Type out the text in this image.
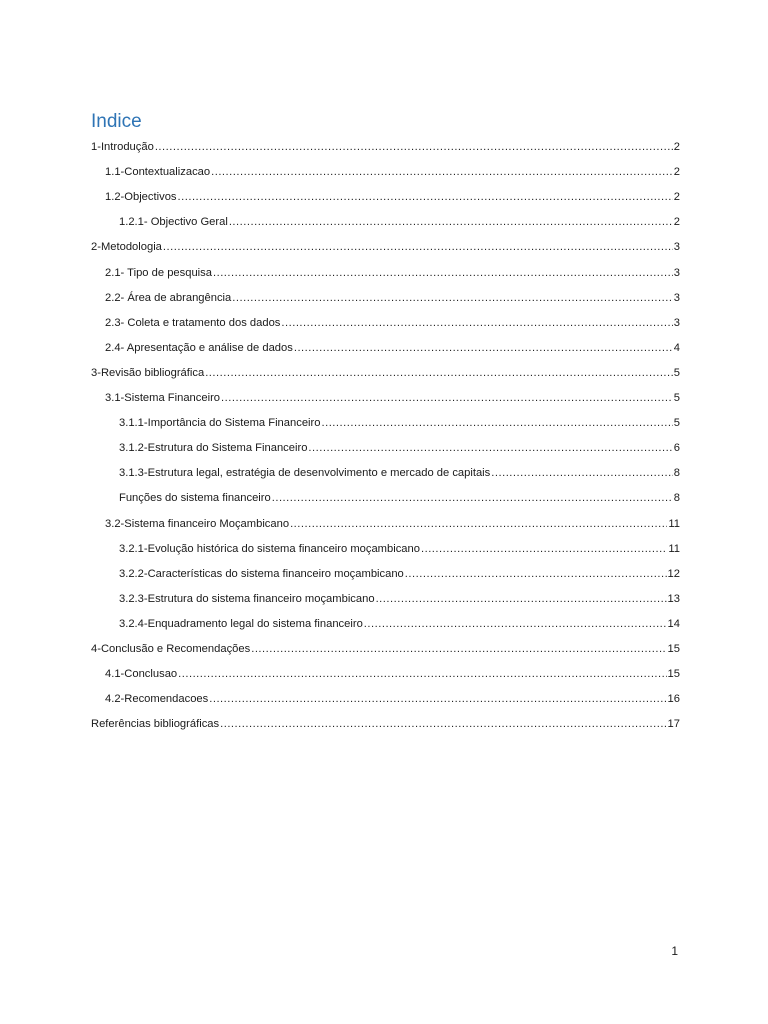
Indice
1-Introdução .....	2
1.1-Contextualizacao .....	2
1.2-Objectivos .....	2
1.2.1- Objectivo Geral .....	2
2-Metodologia .....	3
2.1- Tipo de pesquisa .....	3
2.2- Área de abrangência .....	3
2.3- Coleta e tratamento dos dados .....	3
2.4- Apresentação e análise de dados .....	4
3-Revisão bibliográfica .....	5
3.1-Sistema Financeiro .....	5
3.1.1-Importância do Sistema Financeiro .....	5
3.1.2-Estrutura do Sistema Financeiro .....	6
3.1.3-Estrutura legal, estratégia de desenvolvimento e mercado de capitais .....	8
Funções do sistema financeiro .....	8
3.2-Sistema financeiro Moçambicano .....	11
3.2.1-Evolução histórica do sistema financeiro moçambicano .....	11
3.2.2-Características do sistema financeiro moçambicano .....	12
3.2.3-Estrutura do sistema financeiro moçambicano .....	13
3.2.4-Enquadramento legal do sistema financeiro .....	14
4-Conclusão e Recomendações .....	15
4.1-Conclusao .....	15
4.2-Recomendacoes .....	16
Referências bibliográficas .....	17
1
